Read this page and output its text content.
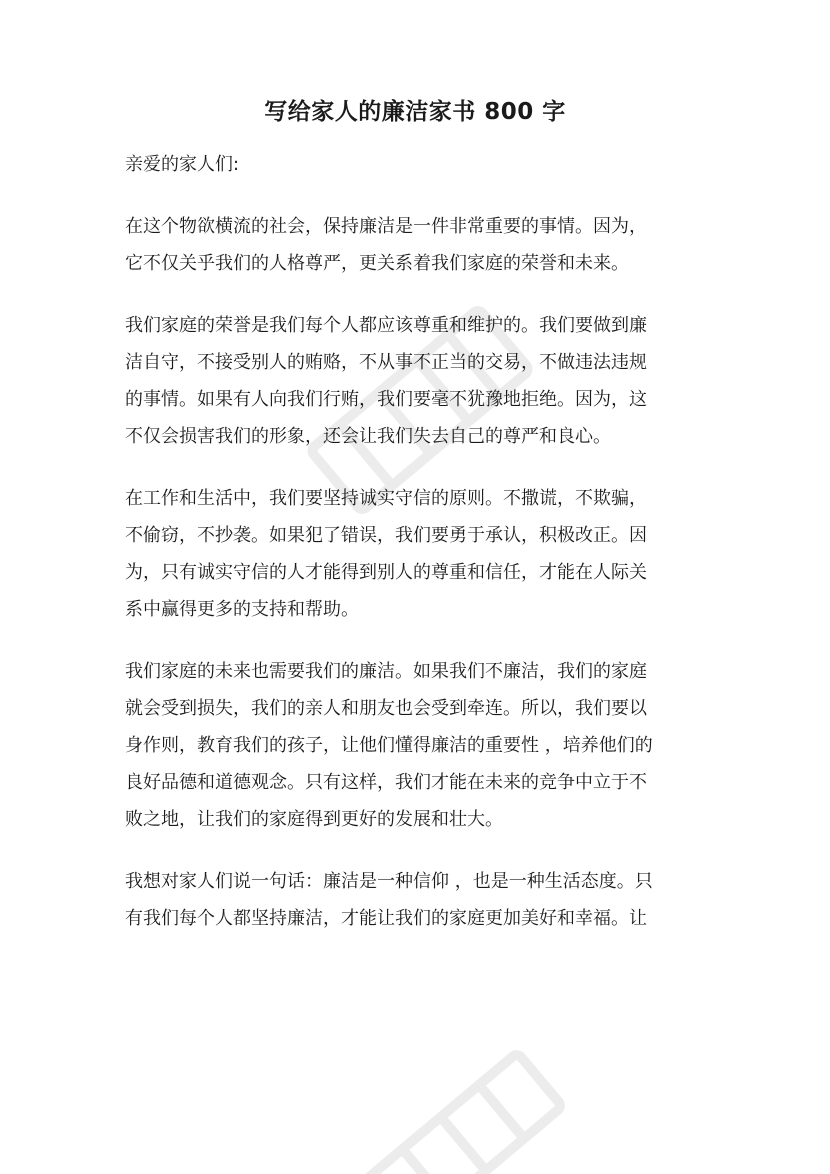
写给家人的廉洁家书 800 字

亲爱的家人们:

在这个物欲横流的社会，保持廉洁是一件非常重要的事情。因为，
它不仅关乎我们的人格尊严，更关系着我们家庭的荣誉和未来。
我们家庭的荣誉是我们每个人都应该尊重和维护的。我们要做到廉
洁自守，不接受别人的贿赂，不从事不正当的交易，不做违法违规
的事情。如果有人向我们行贿，我们要毫不犹豫地拒绝。因为，这
不仅会损害我们的形象，还会让我们失去自己的尊严和良心。
在工作和生活中，我们要坚持诚实守信的原则。不撒谎，不欺骗，
不偷窃，不抄袭。如果犯了错误，我们要勇于承认，积极改正。因
为，只有诚实守信的人才能得到别人的尊重和信任，才能在人际关
系中赢得更多的支持和帮助。
我们家庭的未来也需要我们的廉洁。如果我们不廉洁，我们的家庭
就会受到损失，我们的亲人和朋友也会受到牵连。所以，我们要以
身作则，教育我们的孩子，让他们懂得廉洁的重要性 ，培养他们的
良好品德和道德观念。只有这样，我们才能在未来的竞争中立于不
败之地，让我们的家庭得到更好的发展和壮大。
我想对家人们说一句话：廉洁是一种信仰 ，也是一种生活态度。只
有我们每个人都坚持廉洁，才能让我们的家庭更加美好和幸福。让
